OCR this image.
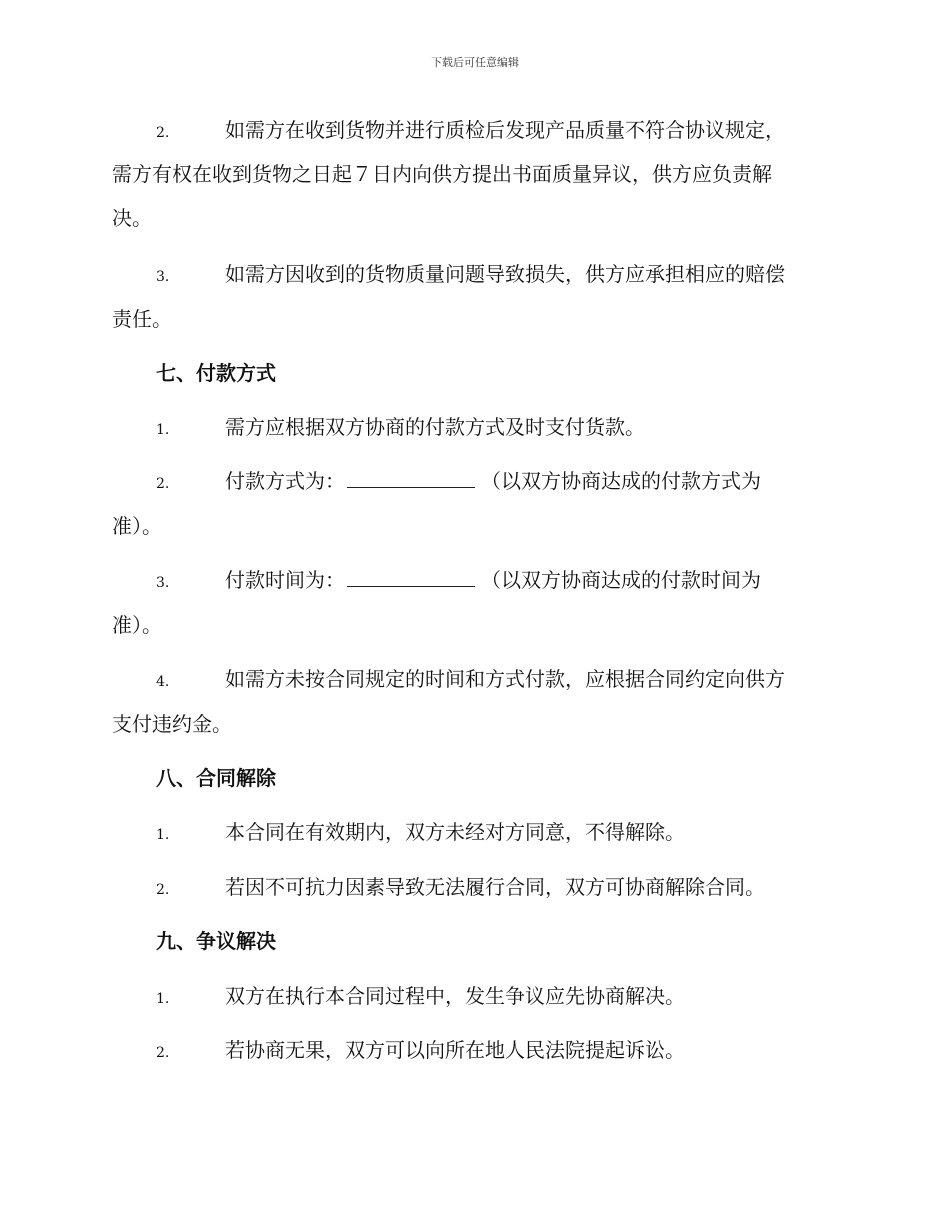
下载后可任意编辑
2.	如需方在收到货物并进行质检后发现产品质量不符合协议规定，
需方有权在收到货物之日起７日内向供方提出书面质量异议，供方应负责解
决。
3.	如需方因收到的货物质量问题导致损失，供方应承担相应的赔偿
责任。
七、付款方式
1.	需方应根据双方协商的付款方式及时支付货款。
2.	付款方式为：	（以双方协商达成的付款方式为
准）。
3.	付款时间为：	（以双方协商达成的付款时间为
准）。
4.	如需方未按合同规定的时间和方式付款，应根据合同约定向供方
支付违约金。
八、合同解除
1.	本合同在有效期内，双方未经对方同意，不得解除。
2.	若因不可抗力因素导致无法履行合同，双方可协商解除合同。
九、争议解决
1.	双方在执行本合同过程中，发生争议应先协商解决。
2.	若协商无果，双方可以向所在地人民法院提起诉讼。
